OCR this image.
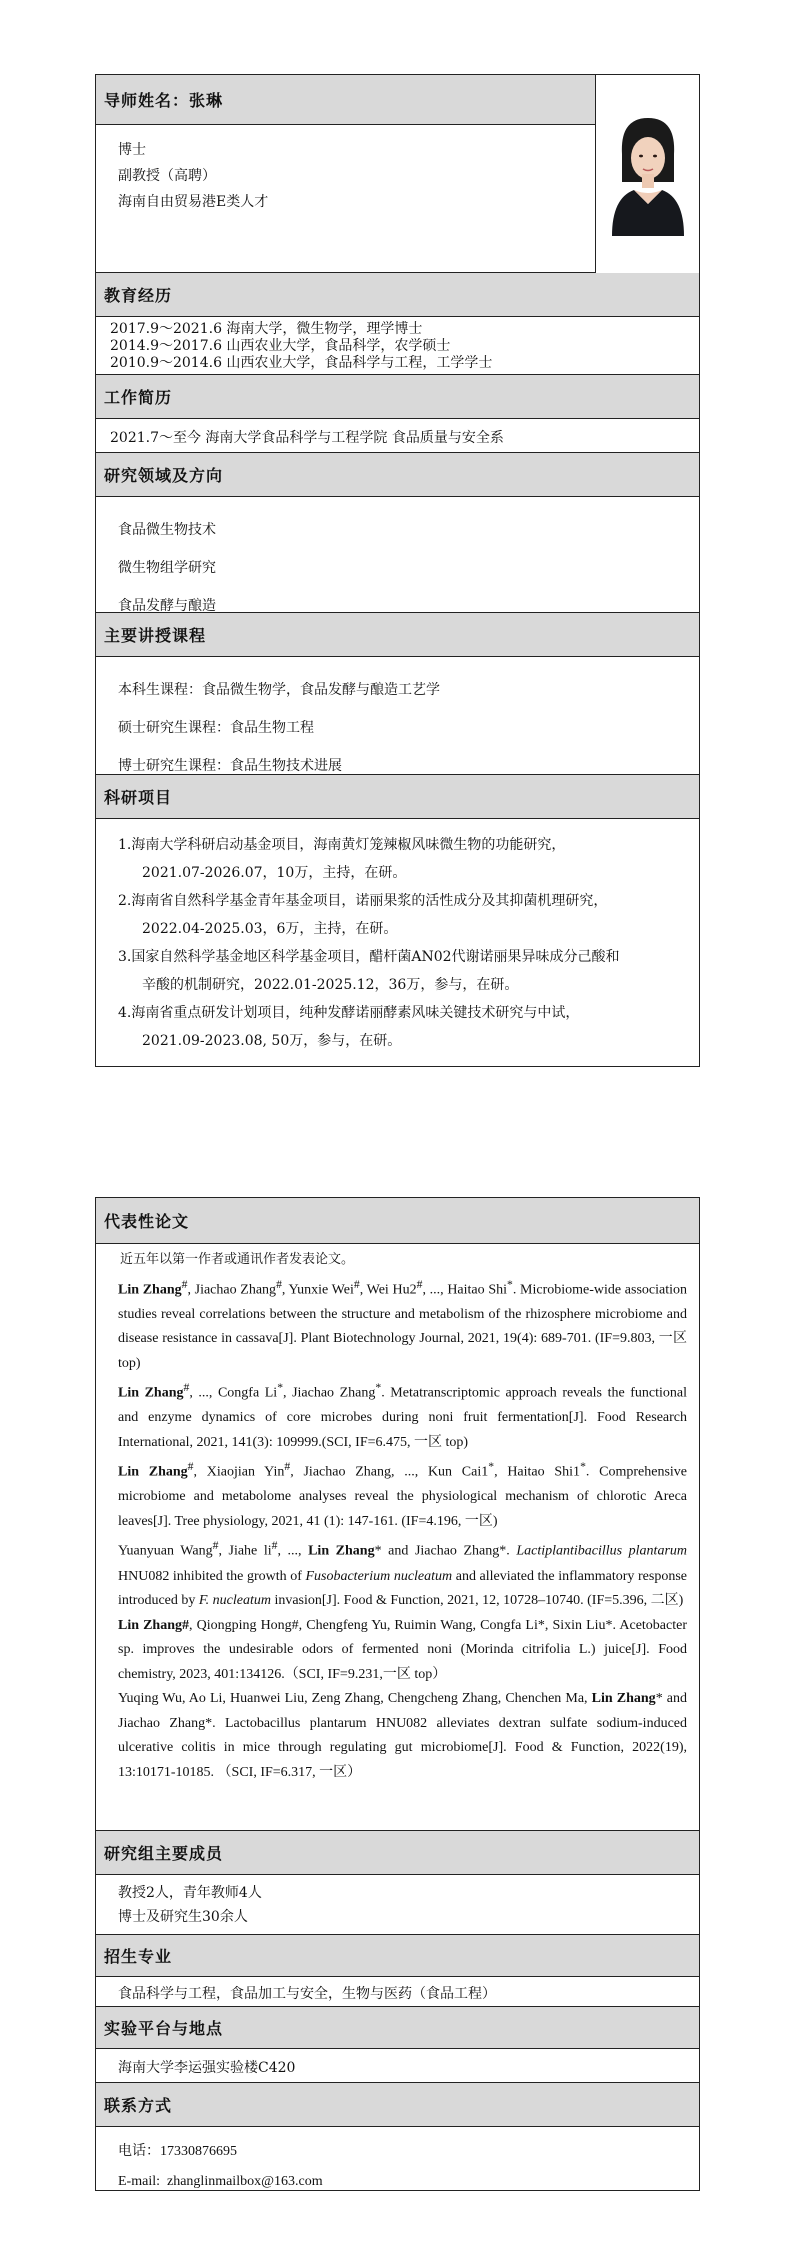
导师姓名：张琳
博士
副教授（高聘）
海南自由贸易港E类人才
教育经历
2017.9～2021.6 海南大学，微生物学，理学博士
2014.9～2017.6 山西农业大学，食品科学，农学硕士
2010.9～2014.6 山西农业大学，食品科学与工程，工学学士
工作简历
2021.7～至今 海南大学食品科学与工程学院 食品质量与安全系
研究领域及方向
食品微生物技术
微生物组学研究
食品发酵与酿造
主要讲授课程
本科生课程：食品微生物学，食品发酵与酿造工艺学
硕士研究生课程：食品生物工程
博士研究生课程：食品生物技术进展
科研项目
1.海南大学科研启动基金项目，海南黄灯笼辣椒风味微生物的功能研究，
2021.07-2026.07，10万，主持，在研。
2.海南省自然科学基金青年基金项目，诺丽果浆的活性成分及其抑菌机理研究，
2022.04-2025.03，6万，主持，在研。
3.国家自然科学基金地区科学基金项目，醋杆菌AN02代谢诺丽果异味成分己酸和
辛酸的机制研究，2022.01-2025.12，36万，参与，在研。
4.海南省重点研发计划项目，纯种发酵诺丽酵素风味关键技术研究与中试，
2021.09-2023.08, 50万，参与，在研。
代表性论文

近五年以第一作者或通讯作者发表论文。

Lin Zhang#, Jiachao Zhang#, Yunxie Wei#, Wei Hu2#, ..., Haitao Shi*. Microbiome-wide association studies reveal correlations between the structure and metabolism of the rhizosphere microbiome and disease resistance in cassava[J]. Plant Biotechnology Journal, 2021, 19(4): 689-701. (IF=9.803, 一区 top)

Lin Zhang#, ..., Congfa Li*, Jiachao Zhang*. Metatranscriptomic approach reveals the functional and enzyme dynamics of core microbes during noni fruit fermentation[J]. Food Research International, 2021, 141(3): 109999.(SCI, IF=6.475, 一区 top)

Lin Zhang#, Xiaojian Yin#, Jiachao Zhang, ..., Kun Cai1*, Haitao Shi1*. Comprehensive microbiome and metabolome analyses reveal the physiological mechanism of chlorotic Areca leaves[J]. Tree physiology, 2021, 41 (1): 147-161. (IF=4.196, 一区)

Yuanyuan Wang#, Jiahe li#, ..., Lin Zhang* and Jiachao Zhang*. Lactiplantibacillus plantarum HNU082 inhibited the growth of Fusobacterium nucleatum and alleviated the inflammatory response introduced by F. nucleatum invasion[J]. Food & Function, 2021, 12, 10728–10740. (IF=5.396, 二区)

Lin Zhang#, Qiongping Hong#, Chengfeng Yu, Ruimin Wang, Congfa Li*, Sixin Liu*. Acetobacter sp. improves the undesirable odors of fermented noni (Morinda citrifolia L.) juice[J]. Food chemistry, 2023, 401:134126.（SCI, IF=9.231,一区 top）

Yuqing Wu, Ao Li, Huanwei Liu, Zeng Zhang, Chengcheng Zhang, Chenchen Ma, Lin Zhang* and Jiachao Zhang*. Lactobacillus plantarum HNU082 alleviates dextran sulfate sodium-induced ulcerative colitis in mice through regulating gut microbiome[J]. Food & Function, 2022(19), 13:10171-10185. （SCI, IF=6.317, 一区）

研究组主要成员
教授2人，青年教师4人
博士及研究生30余人
招生专业
食品科学与工程，食品加工与安全，生物与医药（食品工程）
实验平台与地点
海南大学李运强实验楼C420
联系方式
电话：17330876695
E-mail: zhanglinmailbox@163.com
